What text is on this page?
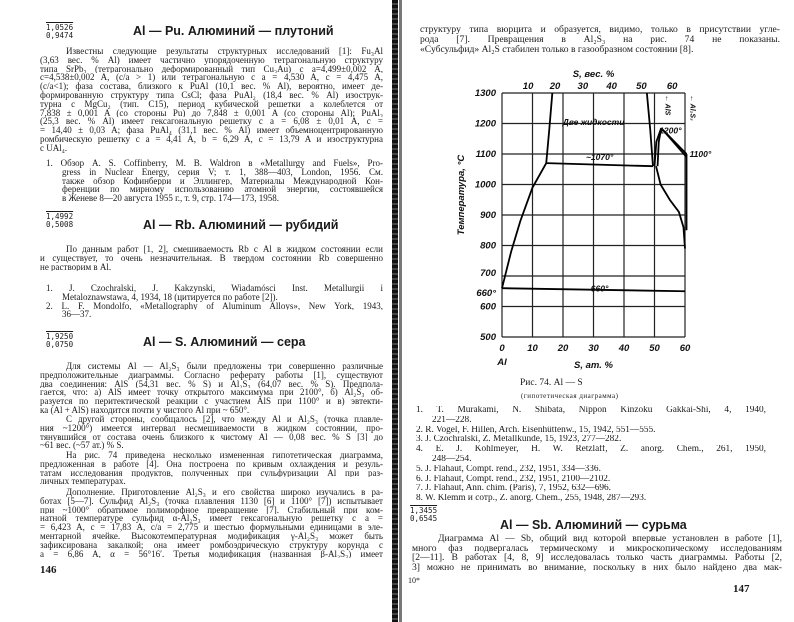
1,0526
0,9474	Al — Pu. Алюминий — плутоний
Известны следующие результаты структурных исследований [1]: Fu₃Al
(3,63 вес. % Al) имеет частично упорядоченную тетрагональную структуру
типа SrPb₃ (тетрагонально деформированный тип Cu₃Au) с a=4,499±0,002 A,
c=4,538±0,002 A, (c/a > 1) или тетрагональную с a = 4,530 A, c = 4,475 A,
(c/a<1); фаза состава, близкого к PuAl (10,1 вес. % Al), вероятно, имеет де-
формированную структуру типа CsCl; фаза PuAl₂ (18,4 вес. % Al) изострук-
турна с MgCu₂ (тип. C15), период кубической решетки a колеблется от
7,838 ± 0,001 A (со стороны Pu) до 7,848 ± 0,001 A (со стороны Al); PuAl₃
(25,3 вес. % Al) имеет гексагональную решетку с a = 6,08 ± 0,01 A, c =
= 14,40 ± 0,03 A; фаза PuAl₄ (31,1 вес. % Al) имеет объемноцентрированную
ромбическую решетку с a = 4,41 A, b = 6,29 A, c = 13,79 A и изоструктурна
с UAl₄.
1. Обзор A. S. Coffinberry, M. B. Waldron в «Metallurgy and Fuels», Pro-
gress in Nuclear Energy, серия V; т. 1, 388—403, London, 1956. См.
также обзор Кофинберри и Эллингер, Материалы Международной Кон-
ференции по мирному использованию атомной энергии, состоявшейся
в Женеве 8—20 августа 1955 г., т. 9, стр. 174—173, 1958.
1,4992
0,5008	Al — Rb. Алюминий — рубидий
По данным работ [1, 2], смешиваемость Rb с Al в жидком состоянии если
и существует, то очень незначительная. В твердом состоянии Rb совершенно
не растворим в Al.
1. J. Czochralski, J. Kakzynski, Wiadamósci Inst. Metallurgii i
Metaloznawstawa, 4, 1934, 18 (цитируется по работе [2]).
2. L. F. Mondolfo, «Metallography of Aluminum Alloys», New York, 1943,
36—37.
1,9250
0,0750	Al — S. Алюминий — сера
Для системы Al — Al₂S₃ были предложены три совершенно различные
предположительные диаграммы. Согласно реферату работы [1], существуют
два соединения: AlS (54,31 вес. % S) и Al₂S₃ (64,07 вес. % S). Предпола-
гается, что: а) AlS имеет точку открытого максимума при 2100°, б) Al₂S₃ об-
разуется по перитектической реакции с участием AlS при 1100° и в) эвтекти-
ка (Al + AlS) находится почти у чистого Al при ~ 650°.
С другой стороны, сообщалось [2], что между Al и Al₂S₃ (точка плавле-
ния ~1200°) имеется интервал несмешиваемости в жидком состоянии, про-
тянувшийся от состава очень близкого к чистому Al — 0,08 вес. % S [3] до
~61 вес. (~57 ат.) % S.
На рис. 74 приведена несколько измененная гипотетическая диаграмма,
предложенная в работе [4]. Она построена по кривым охлаждения и резуль-
татам исследования продуктов, полученных при сульфуризации Al при раз-
личных температурах.
Дополнение. Приготовление Al₂S₃ и его свойства широко изучались в ра-
ботах [5—7]. Сульфид Al₂S₃ (точка плавления 1130 [6] и 1100° [7]) испытывает
при ~1000° обратимое полиморфное превращение [7]. Стабильный при ком-
натной температуре сульфид α-Al₂S₃ имеет гексагональную решетку с a =
= 6,423 A, c = 17,83 A, c/a = 2,775 и шестью формульными единицами в эле-
ментарной ячейке. Высокотемпературная модификация γ-Al₂S₃ может быть
зафиксирована закалкой; она имеет ромбоэдрическую структуру корунда с
a = 6,86 A, α = 56°16′. Третья модификация (названная β-Al₂S₃) имеет
146
структуру типа вюрцита и образуется, видимо, только в присутствии угле-
рода [7]. Превращения в Al₂S₃ на рис. 74 не показаны.
«Субсульфид» Al₂S стабилен только в газообразном состоянии [8].
0 10 20 30 40 50 60
500
600
700
800
900
1000
1100
1200
1300
660°
10 20 30 40 50 60
S, вес. %
S, ат. %
Al
Температура, °C
Две жидкости
~1070°
1200°
1100°
660°
← AlS	← Al₂S₃
Рис. 74. Al — S
(гипотетическая диаграмма)
1. T. Murakami, N. Shibata, Nippon Kinzoku Gakkai-Shi, 4, 1940,
221—228.
2. R. Vogel, F. Hillen, Arch. Eisenhüttenw., 15, 1942, 551—555.
3. J. Czochralski, Z. Metallkunde, 15, 1923, 277—282.
4. E. J. Kohlmeyer, H. W. Retzlaff, Z. anorg. Chem., 261, 1950,
248—254.
5. J. Flahaut, Compt. rend., 232, 1951, 334—336.
6. J. Flahaut, Compt. rend., 232, 1951, 2100—2102.
7. J. Flahaut, Ann. chim. (Paris), 7, 1952, 632—696.
8. W. Klemm и сотр., Z. anorg. Chem., 255, 1948, 287—293.
1,3455
0,6545	Al — Sb. Алюминий — сурьма
Диаграмма Al — Sb, общий вид которой впервые установлен в работе [1],
много фаз подвергалась термическому и микроскопическому исследованиям
[2—11]. В работах [4, 8, 9] исследовалась только часть диаграммы. Работы [2,
3] можно не принимать во внимание, поскольку в них было найдено два мак-
10*
147
